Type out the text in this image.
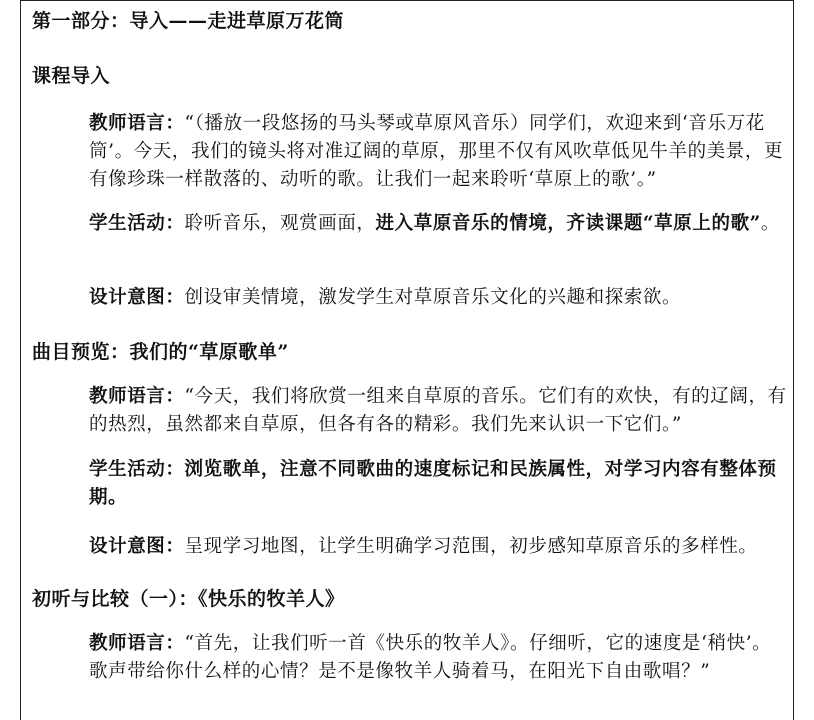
第一部分：导入——走进草原万花筒
课程导入
教师语言：“（播放一段悠扬的马头琴或草原风音乐）同学们，欢迎来到‘音乐万花筒’。今天，我们的镜头将对准辽阔的草原，那里不仅有风吹草低见牛羊的美景，更有像珍珠一样散落的、动听的歌。让我们一起来聆听‘草原上的歌’。”
学生活动：聆听音乐，观赏画面，进入草原音乐的情境，齐读课题“草原上的歌”。
设计意图：创设审美情境，激发学生对草原音乐文化的兴趣和探索欲。
曲目预览：我们的“草原歌单”
教师语言：“今天，我们将欣赏一组来自草原的音乐。它们有的欢快，有的辽阔，有的热烈，虽然都来自草原，但各有各的精彩。我们先来认识一下它们。”
学生活动：浏览歌单，注意不同歌曲的速度标记和民族属性，对学习内容有整体预期。
设计意图：呈现学习地图，让学生明确学习范围，初步感知草原音乐的多样性。
初听与比较（一）：《快乐的牧羊人》
教师语言：“首先，让我们听一首《快乐的牧羊人》。仔细听，它的速度是‘稍快’。歌声带给你什么样的心情？是不是像牧羊人骑着马，在阳光下自由歌唱？”
